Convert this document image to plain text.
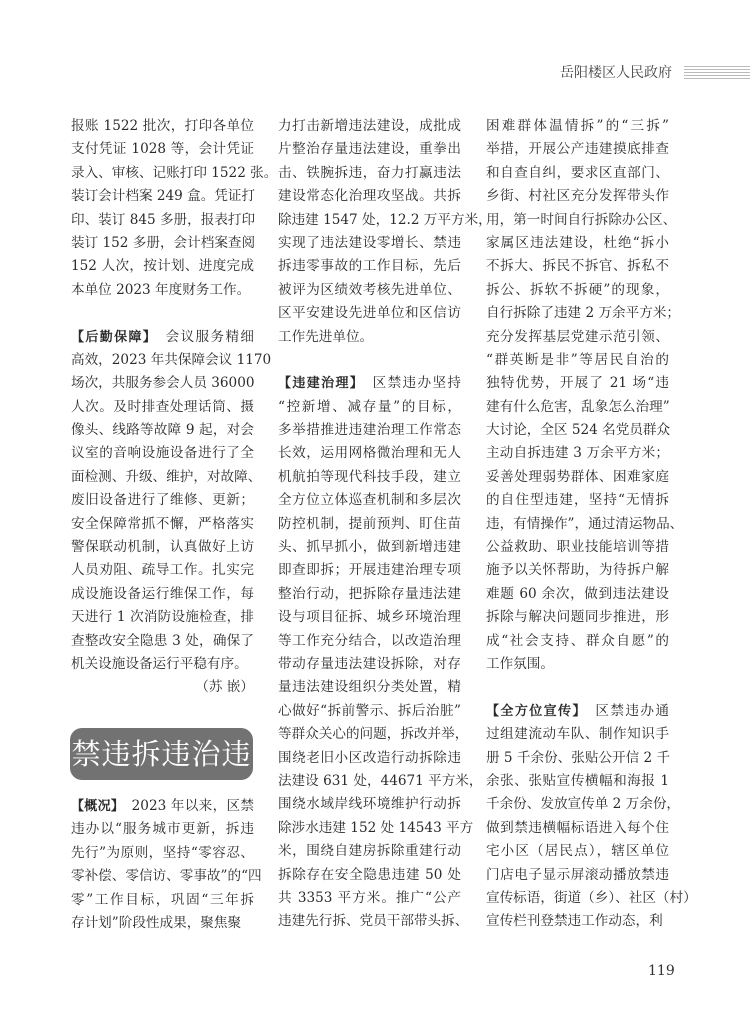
岳阳楼区人民政府
报账 1522 批次，打印各单位
支付凭证 1028 等，会计凭证
录入、审核、记账打印 1522 张。
装订会计档案 249 盒。凭证打
印、装订 845 多册，报表打印
装订 152 多册，会计档案查阅
152 人次，按计划、进度完成
本单位 2023 年度财务工作。
【后勤保障】　会议服务精细
高效，2023 年共保障会议 1170
场次，共服务参会人员 36000
人次。及时排查处理话筒、摄
像头、线路等故障 9 起，对会
议室的音响设施设备进行了全
面检测、升级、维护，对故障、
废旧设备进行了维修、更新；
安全保障常抓不懈，严格落实
警保联动机制，认真做好上访
人员劝阻、疏导工作。扎实完
成设施设备运行维保工作，每
天进行 1 次消防设施检查，排
查整改安全隐患 3 处，确保了
机关设施设备运行平稳有序。
（苏 嵌）
禁违拆违治违
【概况】　2023 年以来，区禁
违办以“服务城市更新，拆违
先行”为原则，坚持“零容忍、
零补偿、零信访、零事故”的“四
零”工作目标，巩固“三年拆
存计划”阶段性成果，聚焦聚
力打击新增违法建设，成批成
片整治存量违法建设，重拳出
击、铁腕拆违，奋力打赢违法
建设常态化治理攻坚战。共拆
除违建 1547 处，12.2 万平方米，
实现了违法建设零增长、禁违
拆违零事故的工作目标，先后
被评为区绩效考核先进单位、
区平安建设先进单位和区信访
工作先进单位。
【违建治理】　区禁违办坚持
“控新增、减存量”的目标，
多举措推进违建治理工作常态
长效，运用网格微治理和无人
机航拍等现代科技手段，建立
全方位立体巡查机制和多层次
防控机制，提前预判、盯住苗
头、抓早抓小，做到新增违建
即查即拆；开展违建治理专项
整治行动，把拆除存量违法建
设与项目征拆、城乡环境治理
等工作充分结合，以改造治理
带动存量违法建设拆除，对存
量违法建设组织分类处置，精
心做好“拆前警示、拆后治脏”
等群众关心的问题，拆改并举，
围绕老旧小区改造行动拆除违
法建设 631 处，44671 平方米，
围绕水域岸线环境维护行动拆
除涉水违建 152 处 14543 平方
米，围绕自建房拆除重建行动
拆除存在安全隐患违建 50 处
共 3353 平方米。推广“公产
违建先行拆、党员干部带头拆、
困难群体温情拆”的“三拆”
举措，开展公产违建摸底排查
和自查自纠，要求区直部门、
乡街、村社区充分发挥带头作
用，第一时间自行拆除办公区、
家属区违法建设，杜绝“拆小
不拆大、拆民不拆官、拆私不
拆公、拆软不拆硬”的现象，
自行拆除了违建 2 万余平方米；
充分发挥基层党建示范引领、
“群英断是非”等居民自治的
独特优势，开展了 21 场“违
建有什么危害，乱象怎么治理”
大讨论，全区 524 名党员群众
主动自拆违建 3 万余平方米；
妥善处理弱势群体、困难家庭
的自住型违建，坚持“无情拆
违，有情操作”，通过清运物品、
公益救助、职业技能培训等措
施予以关怀帮助，为待拆户解
难题 60 余次，做到违法建设
拆除与解决问题同步推进，形
成“社会支持、群众自愿”的
工作氛围。
【全方位宣传】　区禁违办通
过组建流动车队、制作知识手
册 5 千余份、张贴公开信 2 千
余张、张贴宣传横幅和海报 1
千余份、发放宣传单 2 万余份，
做到禁违横幅标语进入每个住
宅小区（居民点），辖区单位
门店电子显示屏滚动播放禁违
宣传标语，街道（乡）、社区（村）
宣传栏刊登禁违工作动态，利
119
